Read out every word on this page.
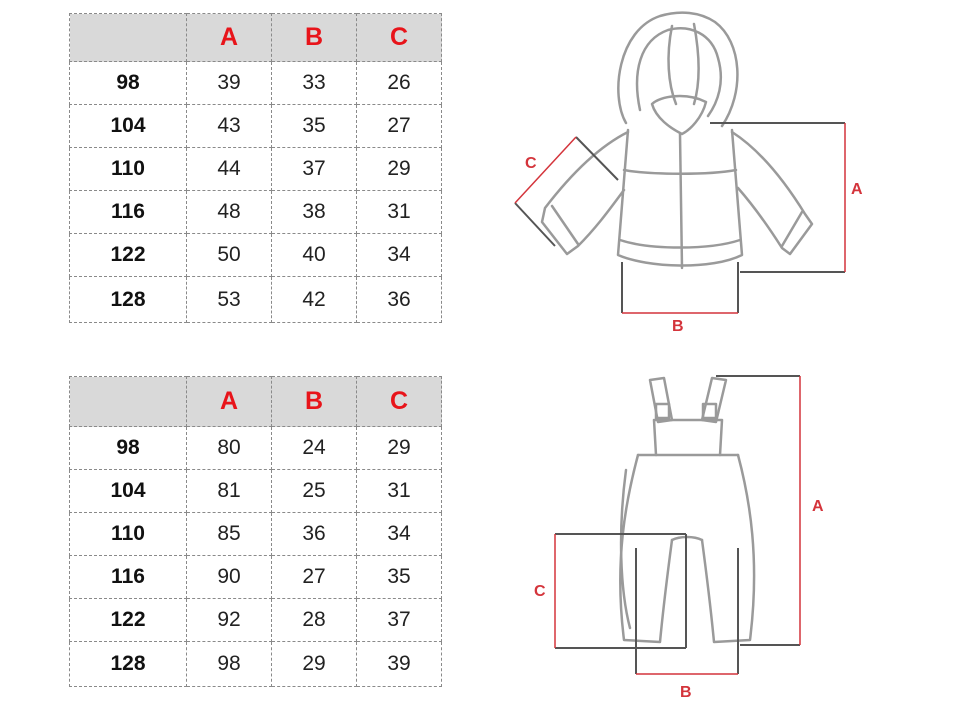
	A	B	C
98	39	33	26
104	43	35	27
110	44	37	29
116	48	38	31
122	50	40	34
128	53	42	36
	A	B	C
98	80	24	29
104	81	25	31
110	85	36	34
116	90	27	35
122	92	28	37
128	98	29	39
A
B
C
A
C
B
